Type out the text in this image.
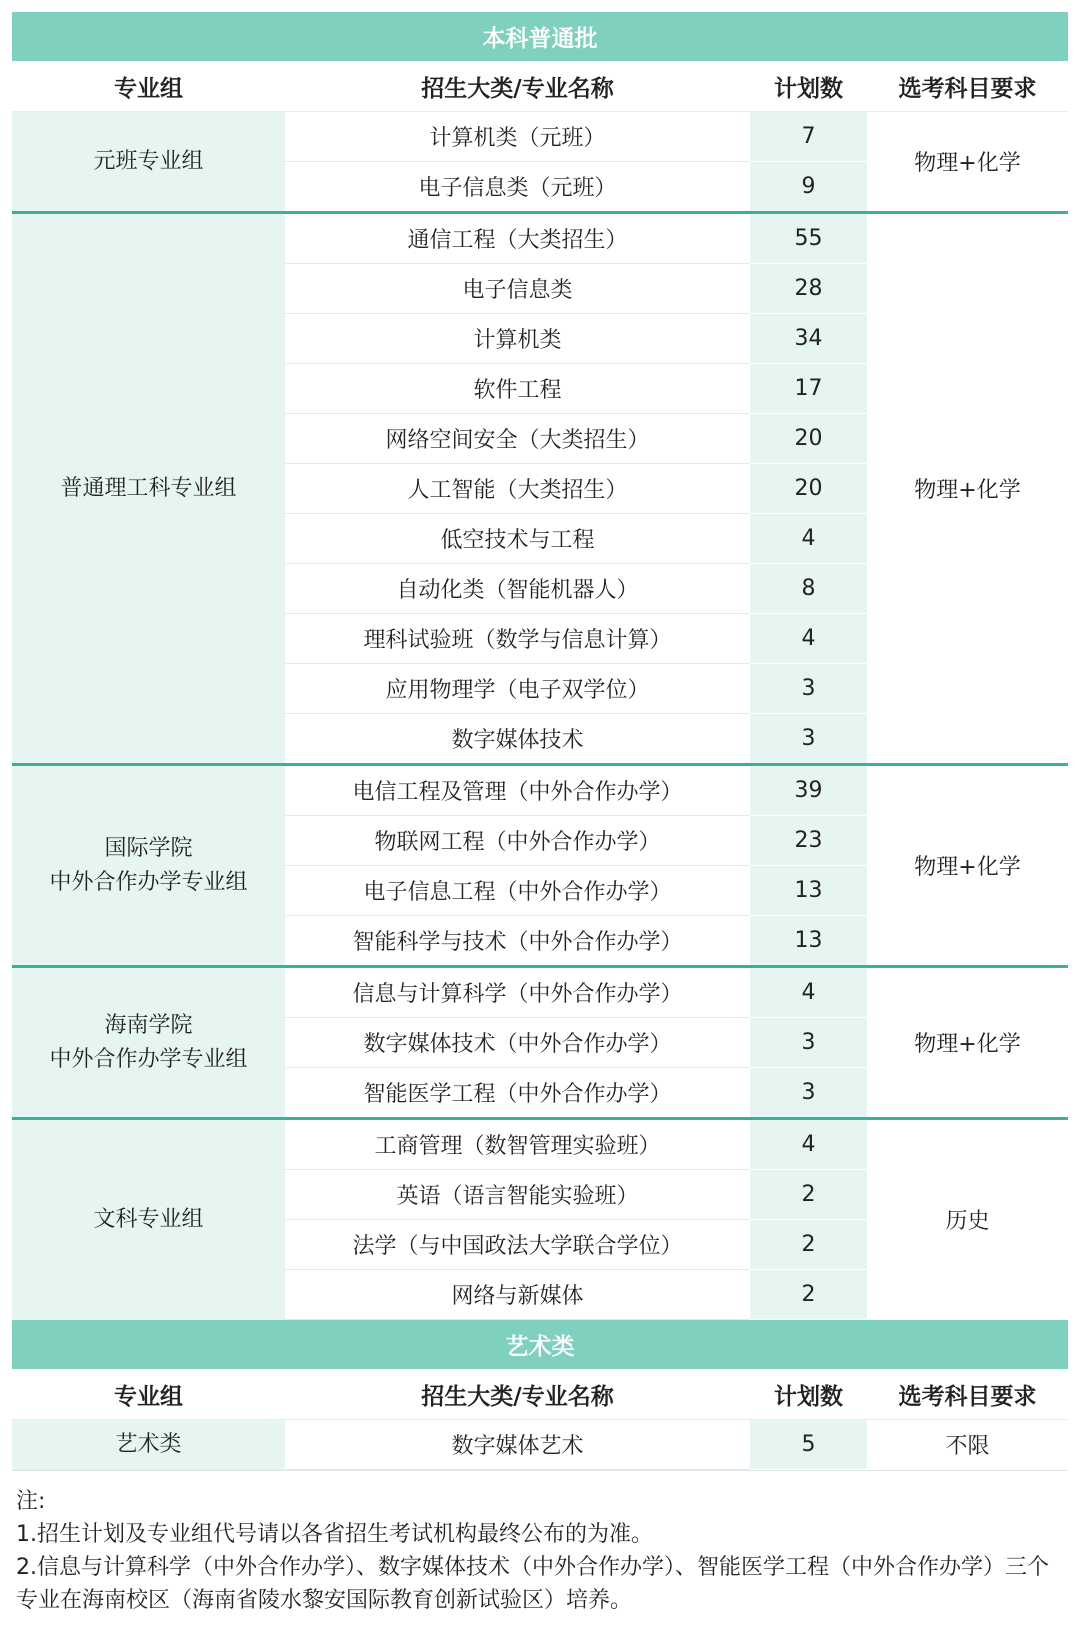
本科普通批			
专业组	招生大类/专业名称	计划数	选考科目要求

元班专业组	计算机类（元班）	7	物理+化学
	电子信息类（元班）	9	

普通理工科专业组	通信工程（大类招生）	55	物理+化学
	电子信息类	28	
	计算机类	34	
	软件工程	17	
	网络空间安全（大类招生）	20	
	人工智能（大类招生）	20	
	低空技术与工程	4	
	自动化类（智能机器人）	8	
	理科试验班（数学与信息计算）	4	
	应用物理学（电子双学位）	3	
	数字媒体技术	3	

国际学院
中外合作办学专业组	电信工程及管理（中外合作办学）	39	物理+化学
	物联网工程（中外合作办学）	23	
	电子信息工程（中外合作办学）	13	
	智能科学与技术（中外合作办学）	13	

海南学院
中外合作办学专业组	信息与计算科学（中外合作办学）	4	物理+化学
	数字媒体技术（中外合作办学）	3	
	智能医学工程（中外合作办学）	3	

文科专业组	工商管理（数智管理实验班）	4	历史
	英语（语言智能实验班）	2	
	法学（与中国政法大学联合学位）	2	
	网络与新媒体	2	
艺术类			
专业组	招生大类/专业名称	计划数	选考科目要求

艺术类	数字媒体艺术	5	不限

注:

1.招生计划及专业组代号请以各省招生考试机构最终公布的为准。

2.信息与计算科学（中外合作办学）、数字媒体技术（中外合作办学）、智能医学工程（中外合作办学）三个专业在海南校区（海南省陵水黎安国际教育创新试验区）培养。
